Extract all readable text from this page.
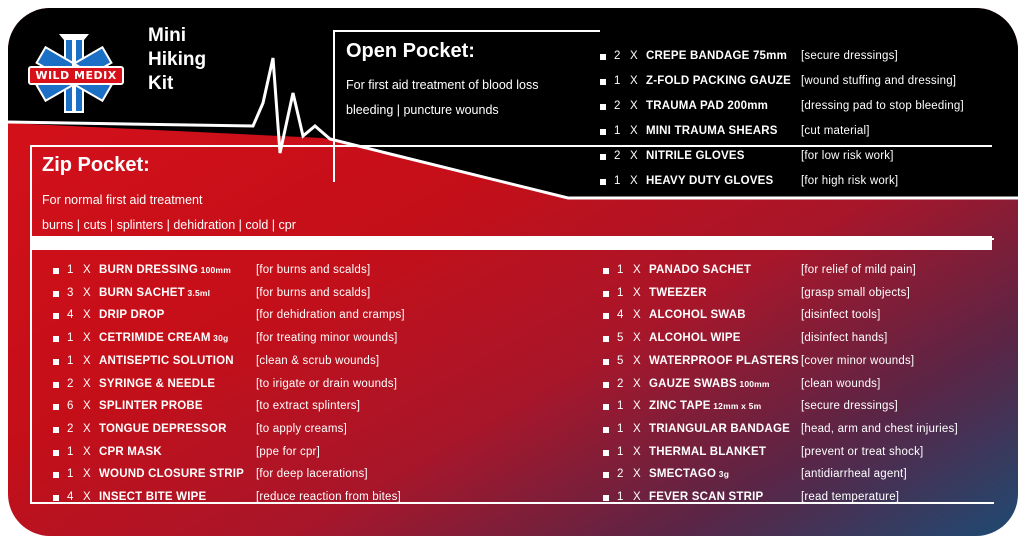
WILD MEDIX
Mini
Hiking
Kit
Open Pocket:
For first aid treatment of blood loss
bleeding | puncture wounds
2 X CREPE BANDAGE 75mm [secure dressings]
1 X Z-FOLD PACKING GAUZE [wound stuffing and dressing]
2 X TRAUMA PAD 200mm	[dressing pad to stop bleeding]
1 X MINI TRAUMA SHEARS [cut material]
2 X NITRILE GLOVES	[for low risk work]
1 X HEAVY DUTY GLOVES [for high risk work]
Zip Pocket:
For normal first aid treatment
burns | cuts | splinters | dehidration | cold | cpr
1 X BURN DRESSING 100mm [for burns and scalds]
3 X BURN SACHET 3.5ml	[for burns and scalds]
4 X DRIP DROP	[for dehidration and cramps]
1 X CETRIMIDE CREAM 30g [for treating minor wounds]
1 X ANTISEPTIC SOLUTION [clean & scrub wounds]
2 X SYRINGE & NEEDLE	[to irigate or drain wounds]
6 X SPLINTER PROBE	[to extract splinters]
2 X TONGUE DEPRESSOR	[to apply creams]
1 X CPR MASK	[ppe for cpr]
1 X WOUND CLOSURE STRIP [for deep lacerations]
4 X INSECT BITE WIPE	[reduce reaction from bites]
1 X PANADO SACHET	[for relief of mild pain]
1 X TWEEZER	[grasp small objects]
4 X ALCOHOL SWAB	[disinfect tools]
5 X ALCOHOL WIPE	[disinfect hands]
5 X WATERPROOF PLASTERS [cover minor wounds]
2 X GAUZE SWABS 100mm	[clean wounds]
1 X ZINC TAPE 12mm x 5m	[secure dressings]
1 X TRIANGULAR BANDAGE [head, arm and chest injuries]
1 X THERMAL BLANKET	[prevent or treat shock]
2 X SMECTAGO 3g	[antidiarrheal agent]
1 X FEVER SCAN STRIP	[read temperature]
